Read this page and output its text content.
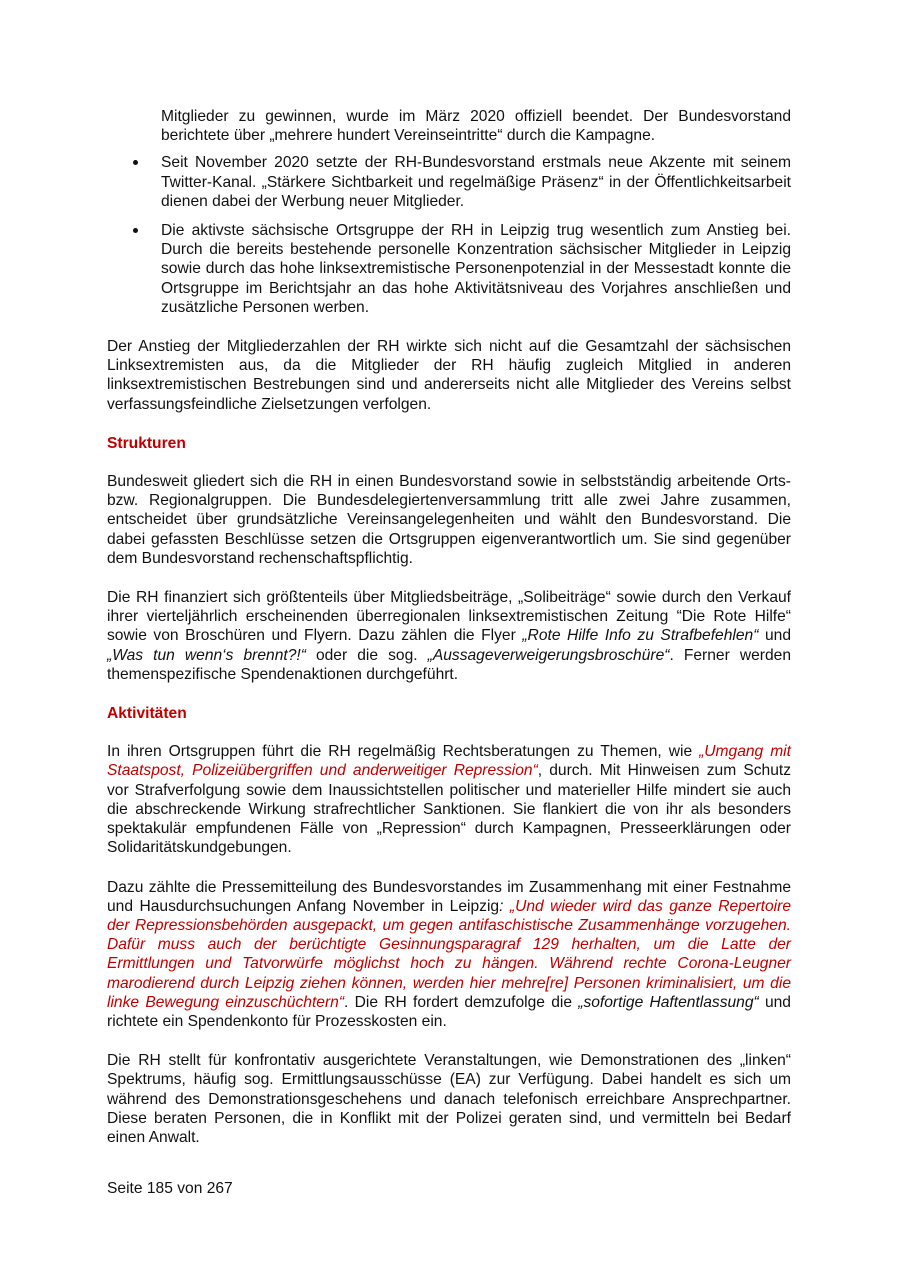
Mitglieder zu gewinnen, wurde im März 2020 offiziell beendet. Der Bundesvorstand berichtete über „mehrere hundert Vereinseintritte“ durch die Kampagne.
Seit November 2020 setzte der RH-Bundesvorstand erstmals neue Akzente mit seinem Twitter-Kanal. „Stärkere Sichtbarkeit und regelmäßige Präsenz“ in der Öffentlichkeitsarbeit dienen dabei der Werbung neuer Mitglieder.
Die aktivste sächsische Ortsgruppe der RH in Leipzig trug wesentlich zum Anstieg bei. Durch die bereits bestehende personelle Konzentration sächsischer Mitglieder in Leipzig sowie durch das hohe linksextremistische Personenpotenzial in der Messestadt konnte die Ortsgruppe im Berichtsjahr an das hohe Aktivitätsniveau des Vorjahres anschließen und zusätzliche Personen werben.

Der Anstieg der Mitgliederzahlen der RH wirkte sich nicht auf die Gesamtzahl der sächsischen Linksextremisten aus, da die Mitglieder der RH häufig zugleich Mitglied in anderen linksextremistischen Bestrebungen sind und andererseits nicht alle Mitglieder des Vereins selbst verfassungsfeindliche Zielsetzungen verfolgen.

Strukturen

Bundesweit gliedert sich die RH in einen Bundesvorstand sowie in selbstständig arbeitende Orts- bzw. Regionalgruppen. Die Bundesdelegiertenversammlung tritt alle zwei Jahre zusammen, entscheidet über grundsätzliche Vereinsangelegenheiten und wählt den Bundesvorstand. Die dabei gefassten Beschlüsse setzen die Ortsgruppen eigenverantwortlich um. Sie sind gegenüber dem Bundesvorstand rechenschaftspflichtig.

Die RH finanziert sich größtenteils über Mitgliedsbeiträge, „Solibeiträge“ sowie durch den Verkauf ihrer vierteljährlich erscheinenden überregionalen linksextremistischen Zeitung “Die Rote Hilfe“ sowie von Broschüren und Flyern. Dazu zählen die Flyer „Rote Hilfe Info zu Strafbefehlen“ und „Was tun wenn‘s brennt?!“ oder die sog. „Aussageverweigerungsbroschüre“. Ferner werden themenspezifische Spendenaktionen durchgeführt.

Aktivitäten

In ihren Ortsgruppen führt die RH regelmäßig Rechtsberatungen zu Themen, wie „Umgang mit Staatspost, Polizeiübergriffen und anderweitiger Repression“, durch. Mit Hinweisen zum Schutz vor Strafverfolgung sowie dem Inaussichtstellen politischer und materieller Hilfe mindert sie auch die abschreckende Wirkung strafrechtlicher Sanktionen. Sie flankiert die von ihr als besonders spektakulär empfundenen Fälle von „Repression“ durch Kampagnen, Presseerklärungen oder Solidaritätskundgebungen.

Dazu zählte die Pressemitteilung des Bundesvorstandes im Zusammenhang mit einer Festnahme und Hausdurchsuchungen Anfang November in Leipzig: „Und wieder wird das ganze Repertoire der Repressionsbehörden ausgepackt, um gegen antifaschistische Zusammenhänge vorzugehen. Dafür muss auch der berüchtigte Gesinnungsparagraf 129 herhalten, um die Latte der Ermittlungen und Tatvorwürfe möglichst hoch zu hängen. Während rechte Corona-Leugner marodierend durch Leipzig ziehen können, werden hier mehre[re] Personen kriminalisiert, um die linke Bewegung einzuschüchtern“. Die RH fordert demzufolge die „sofortige Haftentlassung“ und richtete ein Spendenkonto für Prozesskosten ein.

Die RH stellt für konfrontativ ausgerichtete Veranstaltungen, wie Demonstrationen des „linken“ Spektrums, häufig sog. Ermittlungsausschüsse (EA) zur Verfügung. Dabei handelt es sich um während des Demonstrationsgeschehens und danach telefonisch erreichbare Ansprechpartner. Diese beraten Personen, die in Konflikt mit der Polizei geraten sind, und vermitteln bei Bedarf einen Anwalt.

Seite 185 von 267
